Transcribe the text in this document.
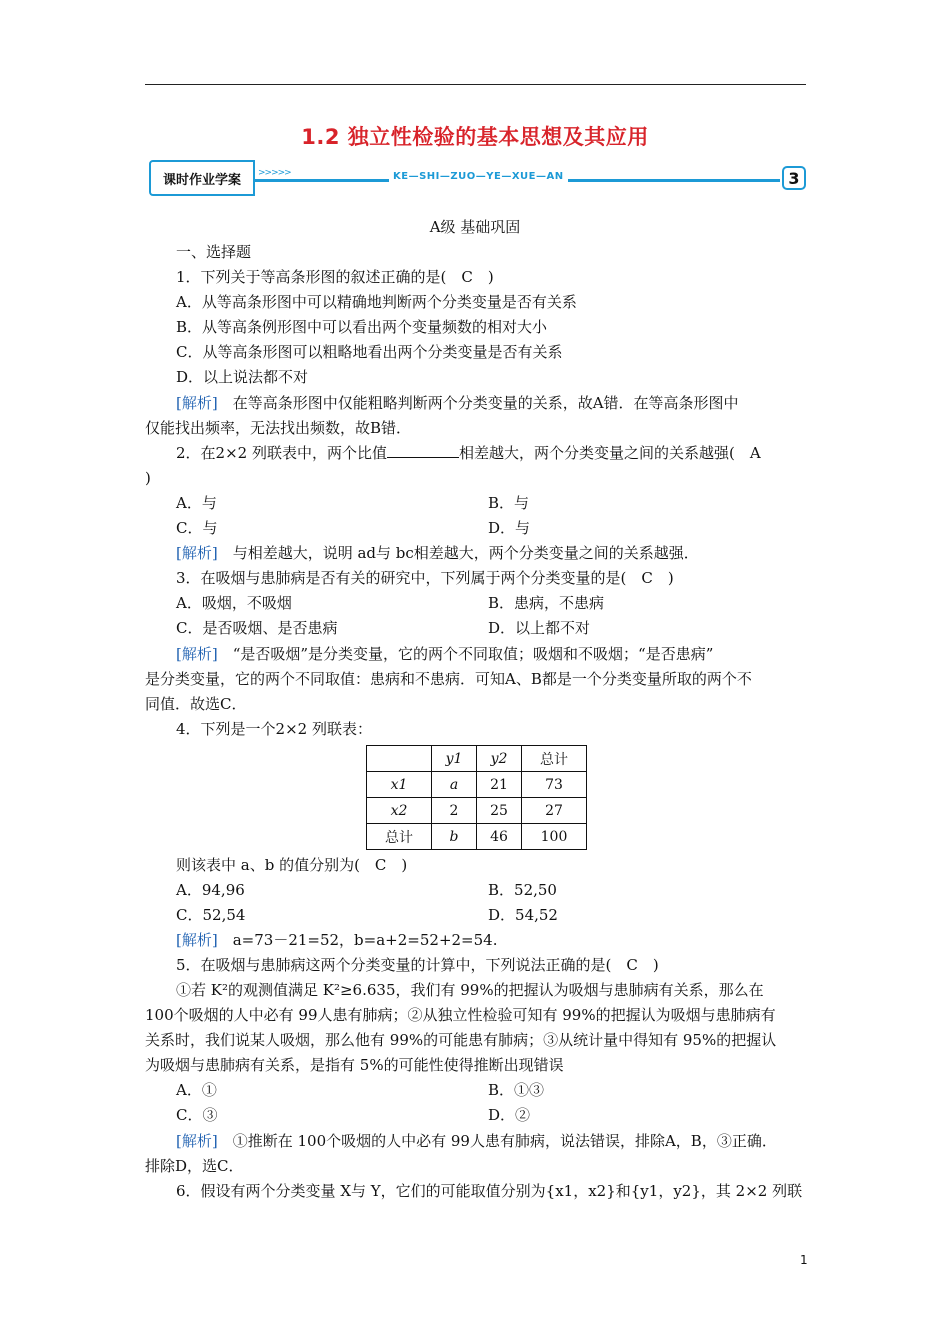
1.2 独立性检验的基本思想及其应用
课时作业学案	>>>>>	KE—SHI—ZUO—YE—XUE—AN	3
A级 基础巩固
一、选择题
1．下列关于等高条形图的叙述正确的是(　C　)
A．从等高条形图中可以精确地判断两个分类变量是否有关系
B．从等高条例形图中可以看出两个变量频数的相对大小
C．从等高条形图可以粗略地看出两个分类变量是否有关系
D．以上说法都不对
[解析]　在等高条形图中仅能粗略判断两个分类变量的关系，故A错．在等高条形图中
仅能找出频率，无法找出频数，故B错．
2．在2×2 列联表中，两个比值	相差越大，两个分类变量之间的关系越强(　A
)
A．与	B．与
C．与	D．与
[解析]　与相差越大，说明 ad与 bc相差越大，两个分类变量之间的关系越强．
3．在吸烟与患肺病是否有关的研究中，下列属于两个分类变量的是(　C　)
A．吸烟，不吸烟	B．患病，不患病
C．是否吸烟、是否患病	D．以上都不对
[解析]　“是否吸烟”是分类变量，它的两个不同取值；吸烟和不吸烟；“是否患病”
是分类变量，它的两个不同取值：患病和不患病．可知A、B都是一个分类变量所取的两个不
同值．故选C．
4．下列是一个2×2 列联表：
	y1	y2	总计
x1	a	21	73
x2	2	25	27
总计	b	46	100
则该表中 a、b 的值分别为(　C　)
A．94,96	B．52,50
C．52,54	D．54,52
[解析]　a=73－21=52，b=a+2=52+2=54.
5．在吸烟与患肺病这两个分类变量的计算中，下列说法正确的是(　C　)
①若 K²的观测值满足 K²≥6.635，我们有 99%的把握认为吸烟与患肺病有关系，那么在
100个吸烟的人中必有 99人患有肺病；②从独立性检验可知有 99%的把握认为吸烟与患肺病有
关系时，我们说某人吸烟，那么他有 99%的可能患有肺病；③从统计量中得知有 95%的把握认
为吸烟与患肺病有关系，是指有 5%的可能性使得推断出现错误
A．①	B．①③
C．③	D．②
[解析]　①推断在 100个吸烟的人中必有 99人患有肺病，说法错误，排除A，B，③正确．
排除D，选C．
6．假设有两个分类变量 X与 Y，它们的可能取值分别为{x1，x2}和{y1，y2}，其 2×2 列联
1
